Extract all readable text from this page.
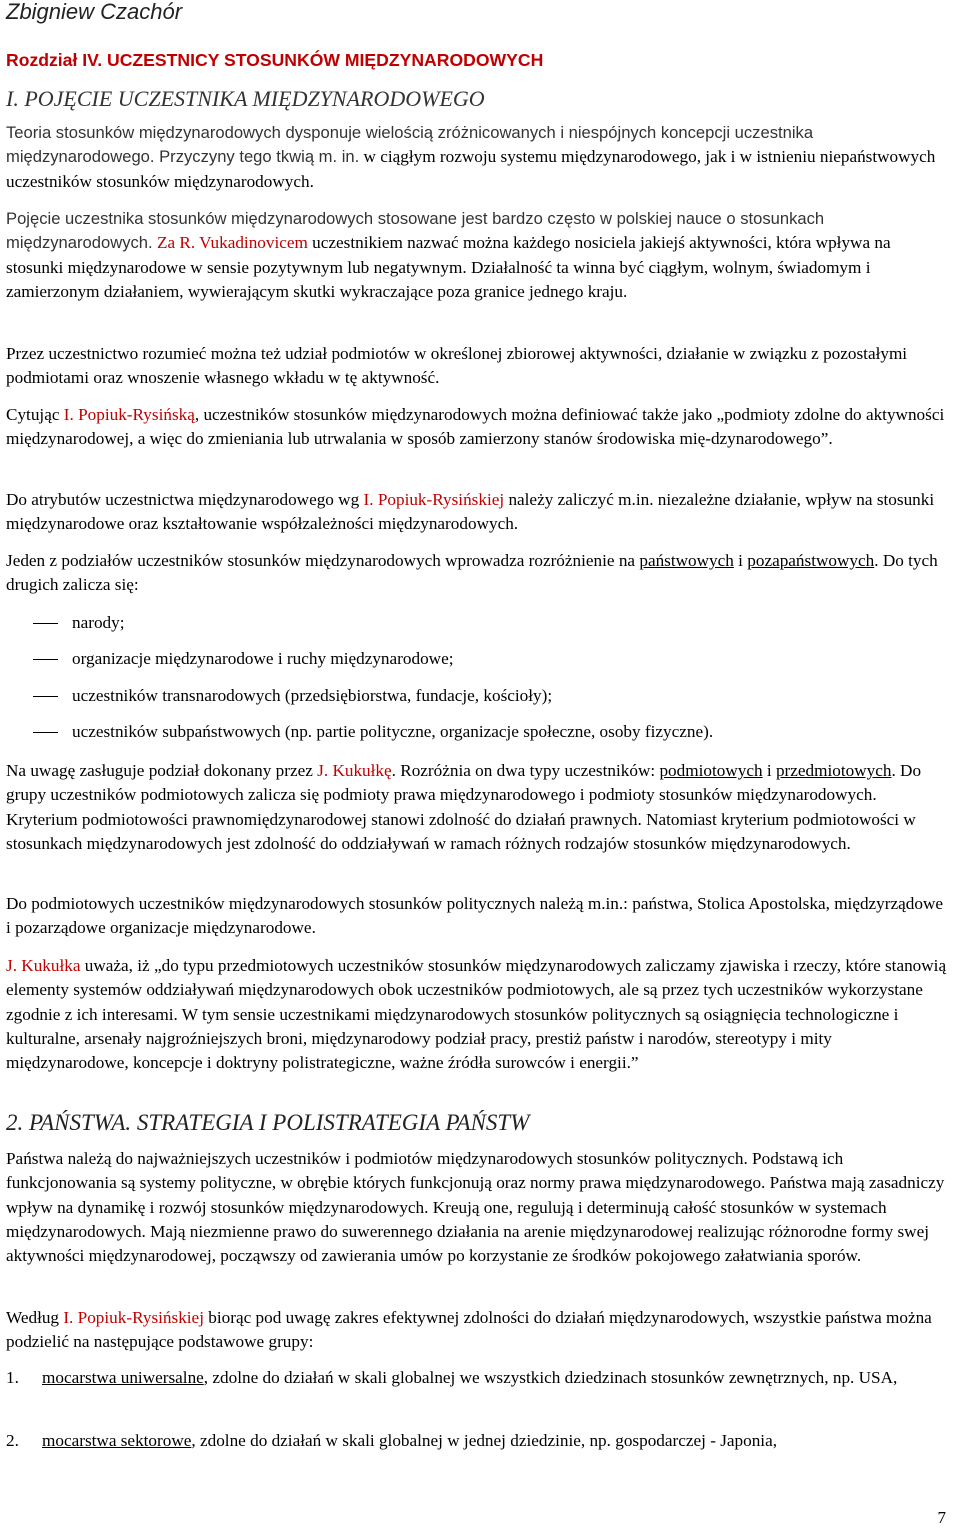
Zbigniew Czachór
Rozdział IV. UCZESTNICY STOSUNKÓW MIĘDZYNARODOWYCH
I. POJĘCIE UCZESTNIKA MIĘDZYNARODOWEGO

Teoria stosunków międzynarodowych dysponuje wielością zróżnicowanych i niespójnych koncepcji uczestnika międzynarodowego. Przyczyny tego tkwią m. in. w ciągłym rozwoju systemu międzynarodowego, jak i w istnieniu niepaństwowych uczestników stosunków międzynarodowych.

Pojęcie uczestnika stosunków międzynarodowych stosowane jest bardzo często w polskiej nauce o stosunkach międzynarodowych. Za R. Vukadinovicem uczestnikiem nazwać można każdego nosiciela jakiejś aktywności, która wpływa na stosunki międzynarodowe w sensie pozytywnym lub negatywnym. Działalność ta winna być ciągłym, wolnym, świadomym i zamierzonym działaniem, wywierającym skutki wykraczające poza granice jednego kraju.

Przez uczestnictwo rozumieć można też udział podmiotów w określonej zbiorowej aktywności, działanie w związku z pozostałymi podmiotami oraz wnoszenie własnego wkładu w tę aktywność.

Cytując I. Popiuk-Rysińską, uczestników stosunków międzynarodowych można definiować także jako „podmioty zdolne do aktywności międzynarodowej, a więc do zmieniania lub utrwalania w sposób zamierzony stanów środowiska mię-dzynarodowego”.

Do atrybutów uczestnictwa międzynarodowego wg I. Popiuk-Rysińskiej należy zaliczyć m.in. niezależne działanie, wpływ na stosunki międzynarodowe oraz kształtowanie współzależności międzynarodowych.

Jeden z podziałów uczestników stosunków międzynarodowych wprowadza rozróżnienie na państwowych i pozapaństwowych. Do tych drugich zalicza się:

narody;
organizacje międzynarodowe i ruchy międzynarodowe;
uczestników transnarodowych (przedsiębiorstwa, fundacje, kościoły);
uczestników subpaństwowych (np. partie polityczne, organizacje społeczne, osoby fizyczne).

Na uwagę zasługuje podział dokonany przez J. Kukułkę. Rozróżnia on dwa typy uczestników: podmiotowych i przedmiotowych. Do grupy uczestników podmiotowych zalicza się podmioty prawa międzynarodowego i podmioty stosunków międzynarodowych. Kryterium podmiotowości prawnomiędzynarodowej stanowi zdolność do działań prawnych. Natomiast kryterium podmiotowości w stosunkach międzynarodowych jest zdolność do oddziaływań w ramach różnych rodzajów stosunków międzynarodowych.

Do podmiotowych uczestników międzynarodowych stosunków politycznych należą m.in.: państwa, Stolica Apostolska, międzyrządowe i pozarządowe organizacje międzynarodowe.

J. Kukułka uważa, iż „do typu przedmiotowych uczestników stosunków międzynarodowych zaliczamy zjawiska i rzeczy, które stanowią elementy systemów oddziaływań międzynarodowych obok uczestników podmiotowych, ale są przez tych uczestników wykorzystane zgodnie z ich interesami. W tym sensie uczestnikami międzynarodowych stosunków politycznych są osiągnięcia technologiczne i kulturalne, arsenały najgroźniejszych broni, międzynarodowy podział pracy, prestiż państw i narodów, stereotypy i mity międzynarodowe, koncepcje i doktryny polistrategiczne, ważne źródła surowców i energii.”

2. PAŃSTWA. STRATEGIA I POLISTRATEGIA PAŃSTW

Państwa należą do najważniejszych uczestników i podmiotów międzynarodowych stosunków politycznych. Podstawą ich funkcjonowania są systemy polityczne, w obrębie których funkcjonują oraz normy prawa międzynarodowego. Państwa mają zasadniczy wpływ na dynamikę i rozwój stosunków międzynarodowych. Kreują one, regulują i determinują całość stosunków w systemach międzynarodowych. Mają niezmienne prawo do suwerennego działania na arenie międzynarodowej realizując różnorodne formy swej aktywności międzynarodowej, począwszy od zawierania umów po korzystanie ze środków pokojowego załatwiania sporów.

Według I. Popiuk-Rysińskiej biorąc pod uwagę zakres efektywnej zdolności do działań międzynarodowych, wszystkie państwa można podzielić na następujące podstawowe grupy:

1. mocarstwa uniwersalne, zdolne do działań w skali globalnej we wszystkich dziedzinach stosunków zewnętrznych, np. USA,
2. mocarstwa sektorowe, zdolne do działań w skali globalnej w jednej dziedzinie, np. gospodarczej - Japonia,
7
